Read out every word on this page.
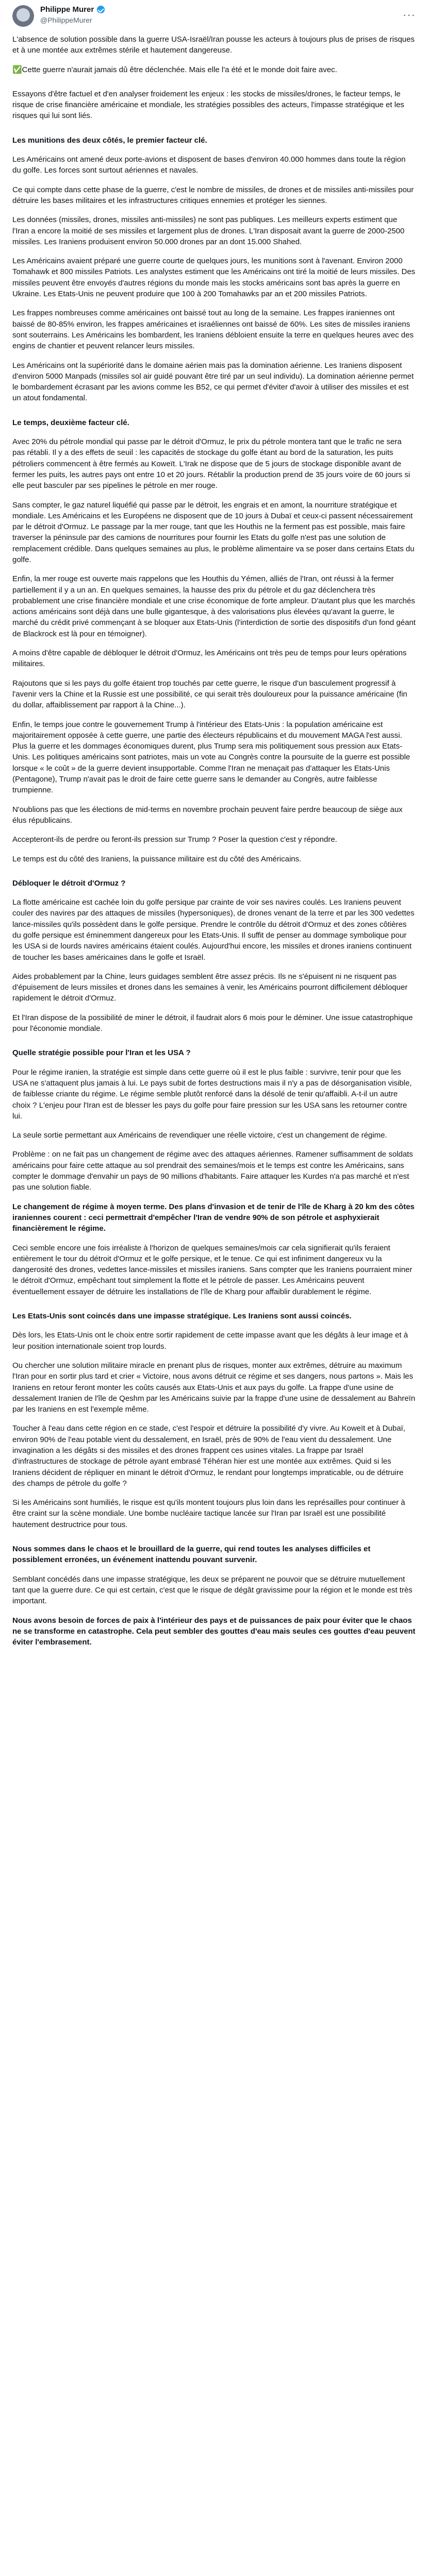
Philippe Murer
@PhilippeMurer	···

L'absence de solution possible dans la guerre USA-Israël/Iran pousse les acteurs à toujours plus de prises de risques et à une montée aux extrêmes stérile et hautement dangereuse.

✅Cette guerre n'aurait jamais dû être déclenchée. Mais elle l'a été et le monde doit faire avec.

Essayons d'être factuel et d'en analyser froidement les enjeux : les stocks de missiles/drones, le facteur temps, le risque de crise financière américaine et mondiale, les stratégies possibles des acteurs, l'impasse stratégique et les risques qui lui sont liés.

Les munitions des deux côtés, le premier facteur clé.

Les Américains ont amené deux porte-avions et disposent de bases d'environ 40.000 hommes dans toute la région du golfe. Les forces sont surtout aériennes et navales.

Ce qui compte dans cette phase de la guerre, c'est le nombre de missiles, de drones et de missiles anti-missiles pour détruire les bases militaires et les infrastructures critiques ennemies et protéger les siennes.

Les données (missiles, drones, missiles anti-missiles) ne sont pas publiques. Les meilleurs experts estiment que l'Iran a encore la moitié de ses missiles et largement plus de drones. L'Iran disposait avant la guerre de 2000-2500 missiles. Les Iraniens produisent environ 50.000 drones par an dont 15.000 Shahed.

Les Américains avaient préparé une guerre courte de quelques jours, les munitions sont à l'avenant. Environ 2000 Tomahawk et 800 missiles Patriots. Les analystes estiment que les Américains ont tiré la moitié de leurs missiles. Des missiles peuvent être envoyés d'autres régions du monde mais les stocks américains sont bas après la guerre en Ukraine. Les Etats-Unis ne peuvent produire que 100 à 200 Tomahawks par an et 200 missiles Patriots.

Les frappes nombreuses comme américaines ont baissé tout au long de la semaine. Les frappes iraniennes ont baissé de 80-85% environ, les frappes américaines et israéliennes ont baissé de 60%. Les sites de missiles iraniens sont souterrains. Les Américains les bombardent, les Iraniens débloient ensuite la terre en quelques heures avec des engins de chantier et peuvent relancer leurs missiles.

Les Américains ont la supériorité dans le domaine aérien mais pas la domination aérienne. Les Iraniens disposent d'environ 5000 Manpads (missiles sol air guidé pouvant être tiré par un seul individu). La domination aérienne permet le bombardement écrasant par les avions comme les B52, ce qui permet d'éviter d'avoir à utiliser des missiles et est un atout fondamental.

Le temps, deuxième facteur clé.

Avec 20% du pétrole mondial qui passe par le détroit d'Ormuz, le prix du pétrole montera tant que le trafic ne sera pas rétabli. Il y a des effets de seuil : les capacités de stockage du golfe étant au bord de la saturation, les puits pétroliers commencent à être fermés au Koweït. L'Irak ne dispose que de 5 jours de stockage disponible avant de fermer les puits, les autres pays ont entre 10 et 20 jours. Rétablir la production prend de 35 jours voire de 60 jours si elle peut basculer par ses pipelines le pétrole en mer rouge.

Sans compter, le gaz naturel liquéfié qui passe par le détroit, les engrais et en amont, la nourriture stratégique et mondiale. Les Américains et les Européens ne disposent que de 10 jours à Dubaï et ceux-ci passent nécessairement par le détroit d'Ormuz. Le passage par la mer rouge, tant que les Houthis ne la ferment pas est possible, mais faire traverser la péninsule par des camions de nourritures pour fournir les Etats du golfe n'est pas une solution de remplacement crédible. Dans quelques semaines au plus, le problème alimentaire va se poser dans certains Etats du golfe.

Enfin, la mer rouge est ouverte mais rappelons que les Houthis du Yémen, alliés de l'Iran, ont réussi à la fermer partiellement il y a un an. En quelques semaines, la hausse des prix du pétrole et du gaz déclenchera très probablement une crise financière mondiale et une crise économique de forte ampleur. D'autant plus que les marchés actions américains sont déjà dans une bulle gigantesque, à des valorisations plus élevées qu'avant la guerre, le marché du crédit privé commençant à se bloquer aux Etats-Unis (l'interdiction de sortie des dispositifs d'un fond géant de Blackrock est là pour en témoigner).

A moins d'être capable de débloquer le détroit d'Ormuz, les Américains ont très peu de temps pour leurs opérations militaires.

Rajoutons que si les pays du golfe étaient trop touchés par cette guerre, le risque d'un basculement progressif à l'avenir vers la Chine et la Russie est une possibilité, ce qui serait très douloureux pour la puissance américaine (fin du dollar, affaiblissement par rapport à la Chine...).

Enfin, le temps joue contre le gouvernement Trump à l'intérieur des Etats-Unis : la population américaine est majoritairement opposée à cette guerre, une partie des électeurs républicains et du mouvement MAGA l'est aussi. Plus la guerre et les dommages économiques durent, plus Trump sera mis politiquement sous pression aux Etats-Unis. Les politiques américains sont patriotes, mais un vote au Congrès contre la poursuite de la guerre est possible lorsque « le coût » de la guerre devient insupportable. Comme l'Iran ne menaçait pas d'attaquer les Etats-Unis (Pentagone), Trump n'avait pas le droit de faire cette guerre sans le demander au Congrès, autre faiblesse trumpienne.

N'oublions pas que les élections de mid-terms en novembre prochain peuvent faire perdre beaucoup de siège aux élus républicains.

Accepteront-ils de perdre ou feront-ils pression sur Trump ? Poser la question c'est y répondre.

Le temps est du côté des Iraniens, la puissance militaire est du côté des Américains.

Débloquer le détroit d'Ormuz ?

La flotte américaine est cachée loin du golfe persique par crainte de voir ses navires coulés. Les Iraniens peuvent couler des navires par des attaques de missiles (hypersoniques), de drones venant de la terre et par les 300 vedettes lance-missiles qu'ils possèdent dans le golfe persique. Prendre le contrôle du détroit d'Ormuz et des zones côtières du golfe persique est éminemment dangereux pour les Etats-Unis. Il suffit de penser au dommage symbolique pour les USA si de lourds navires américains étaient coulés. Aujourd'hui encore, les missiles et drones iraniens continuent de toucher les bases américaines dans le golfe et Israël.

Aides probablement par la Chine, leurs guidages semblent être assez précis. Ils ne s'épuisent ni ne risquent pas d'épuisement de leurs missiles et drones dans les semaines à venir, les Américains pourront difficilement débloquer rapidement le détroit d'Ormuz.

Et l'Iran dispose de la possibilité de miner le détroit, il faudrait alors 6 mois pour le déminer. Une issue catastrophique pour l'économie mondiale.

Quelle stratégie possible pour l'Iran et les USA ?

Pour le régime iranien, la stratégie est simple dans cette guerre où il est le plus faible : survivre, tenir pour que les USA ne s'attaquent plus jamais à lui. Le pays subit de fortes destructions mais il n'y a pas de désorganisation visible, de faiblesse criante du régime. Le régime semble plutôt renforcé dans la désolé de tenir qu'affaibli. A-t-il un autre choix ? L'enjeu pour l'Iran est de blesser les pays du golfe pour faire pression sur les USA sans les retourner contre lui.

La seule sortie permettant aux Américains de revendiquer une réelle victoire, c'est un changement de régime.

Problème : on ne fait pas un changement de régime avec des attaques aériennes. Ramener suffisamment de soldats américains pour faire cette attaque au sol prendrait des semaines/mois et le temps est contre les Américains, sans compter le dommage d'envahir un pays de 90 millions d'habitants. Faire attaquer les Kurdes n'a pas marché et n'est pas une solution fiable.

Le changement de régime à moyen terme. Des plans d'invasion et de tenir de l'île de Kharg à 20 km des côtes iraniennes courent : ceci permettrait d'empêcher l'Iran de vendre 90% de son pétrole et asphyxierait financièrement le régime.

Ceci semble encore une fois irréaliste à l'horizon de quelques semaines/mois car cela signifierait qu'ils feraient entièrement le tour du détroit d'Ormuz et le golfe persique, et le tenue. Ce qui est infiniment dangereux vu la dangerosité des drones, vedettes lance-missiles et missiles iraniens. Sans compter que les Iraniens pourraient miner le détroit d'Ormuz, empêchant tout simplement la flotte et le pétrole de passer. Les Américains peuvent éventuellement essayer de détruire les installations de l'île de Kharg pour affaiblir durablement le régime.

Les Etats-Unis sont coincés dans une impasse stratégique. Les Iraniens sont aussi coincés.

Dès lors, les Etats-Unis ont le choix entre sortir rapidement de cette impasse avant que les dégâts à leur image et à leur position internationale soient trop lourds.

Ou chercher une solution militaire miracle en prenant plus de risques, monter aux extrêmes, détruire au maximum l'Iran pour en sortir plus tard et crier « Victoire, nous avons détruit ce régime et ses dangers, nous partons ». Mais les Iraniens en retour feront monter les coûts causés aux Etats-Unis et aux pays du golfe. La frappe d'une usine de dessalement Iranien de l'île de Qeshm par les Américains suivie par la frappe d'une usine de dessalement au Bahreïn par les Iraniens en est l'exemple même.

Toucher à l'eau dans cette région en ce stade, c'est l'espoir et détruire la possibilité d'y vivre. Au Koweït et à Dubaï, environ 90% de l'eau potable vient du dessalement, en Israël, près de 90% de l'eau vient du dessalement. Une invagination a les dégâts si des missiles et des drones frappent ces usines vitales. La frappe par Israël d'infrastructures de stockage de pétrole ayant embrasé Téhéran hier est une montée aux extrêmes. Quid si les Iraniens décident de répliquer en minant le détroit d'Ormuz, le rendant pour longtemps impraticable, ou de détruire des champs de pétrole du golfe ?

Si les Américains sont humiliés, le risque est qu'ils montent toujours plus loin dans les représailles pour continuer à être craint sur la scène mondiale. Une bombe nucléaire tactique lancée sur l'Iran par Israël est une possibilité hautement destructrice pour tous.

Nous sommes dans le chaos et le brouillard de la guerre, qui rend toutes les analyses difficiles et possiblement erronées, un événement inattendu pouvant survenir.

Semblant concédés dans une impasse stratégique, les deux se préparent ne pouvoir que se détruire mutuellement tant que la guerre dure. Ce qui est certain, c'est que le risque de dégât gravissime pour la région et le monde est très important.

Nous avons besoin de forces de paix à l'intérieur des pays et de puissances de paix pour éviter que le chaos ne se transforme en catastrophe. Cela peut sembler des gouttes d'eau mais seules ces gouttes d'eau peuvent éviter l'embrasement.
